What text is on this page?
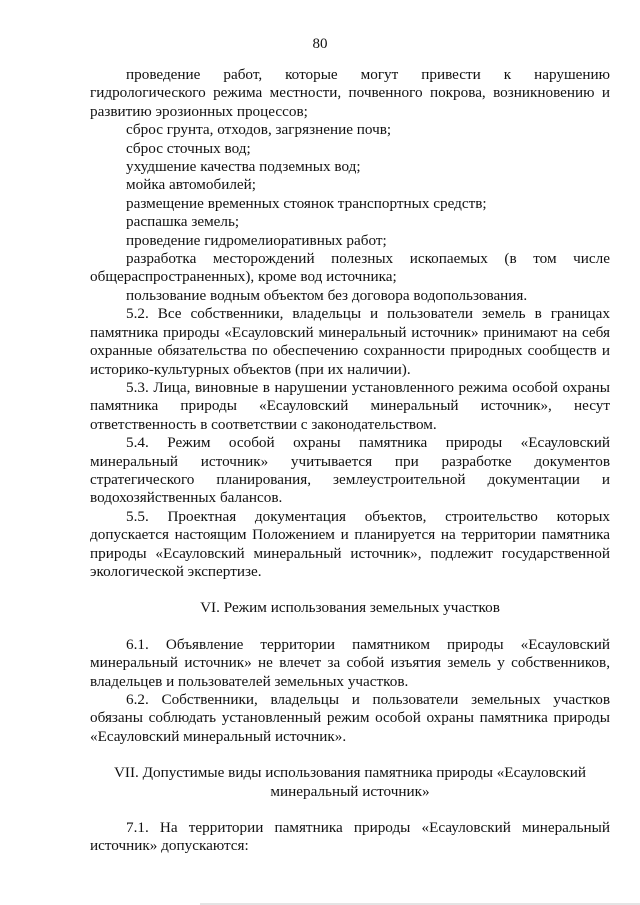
80

проведение работ, которые могут привести к нарушению гидрологического режима местности, почвенного покрова, возникновению и развитию эрозионных процессов;

сброс грунта, отходов, загрязнение почв;

сброс сточных вод;

ухудшение качества подземных вод;

мойка автомобилей;

размещение временных стоянок транспортных средств;

распашка земель;

проведение гидромелиоративных работ;

разработка месторождений полезных ископаемых (в том числе общераспространенных), кроме вод источника;

пользование водным объектом без договора водопользования.

5.2. Все собственники, владельцы и пользователи земель в границах памятника природы «Есауловский минеральный источник» принимают на себя охранные обязательства по обеспечению сохранности природных сообществ и историко-культурных объектов (при их наличии).

5.3. Лица, виновные в нарушении установленного режима особой охраны памятника природы «Есауловский минеральный источник», несут ответственность в соответствии с законодательством.

5.4. Режим особой охраны памятника природы «Есауловский минеральный источник» учитывается при разработке документов стратегического планирования, землеустроительной документации и водохозяйственных балансов.

5.5. Проектная документация объектов, строительство которых допускается настоящим Положением и планируется на территории памятника природы «Есауловский минеральный источник», подлежит государственной экологической экспертизе.

VI. Режим использования земельных участков

6.1. Объявление территории памятником природы «Есауловский минеральный источник» не влечет за собой изъятия земель у собственников, владельцев и пользователей земельных участков.

6.2. Собственники, владельцы и пользователи земельных участков обязаны соблюдать установленный режим особой охраны памятника природы «Есауловский минеральный источник».

VII. Допустимые виды использования памятника природы «Есауловский
минеральный источник»

7.1. На территории памятника природы «Есауловский минеральный источник» допускаются:
